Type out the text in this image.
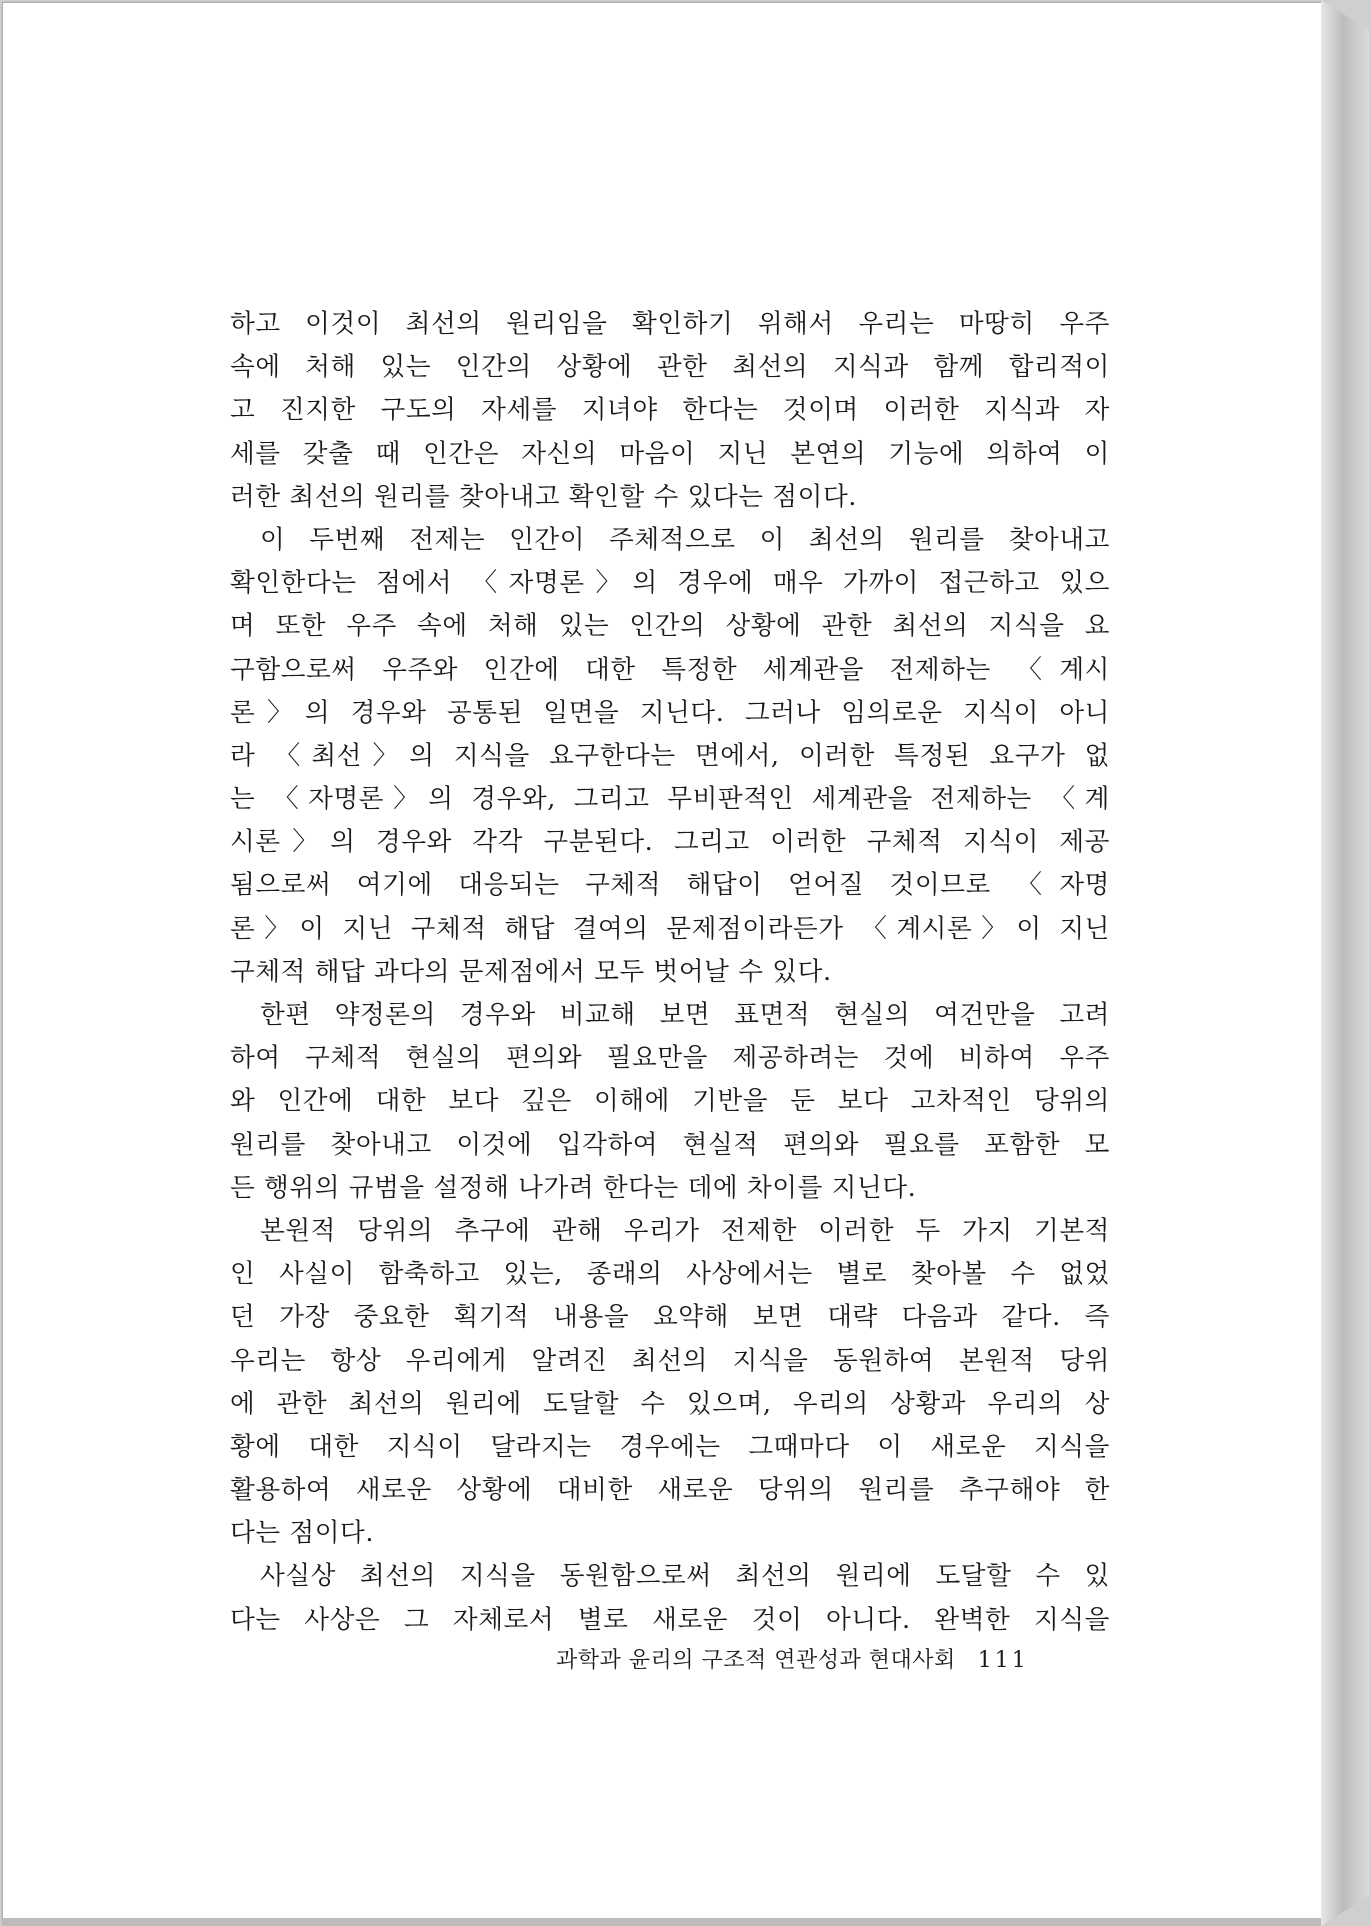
하고 이것이 최선의 원리임을 확인하기 위해서 우리는 마땅히 우주
속에 처해 있는 인간의 상황에 관한 최선의 지식과 함께 합리적이
고 진지한 구도의 자세를 지녀야 한다는 것이며 이러한 지식과 자
세를 갖출 때 인간은 자신의 마음이 지닌 본연의 기능에 의하여 이
러한 최선의 원리를 찾아내고 확인할 수 있다는 점이다.
이 두번째 전제는 인간이 주체적으로 이 최선의 원리를 찾아내고
확인한다는 점에서 〈자명론〉의 경우에 매우 가까이 접근하고 있으
며 또한 우주 속에 처해 있는 인간의 상황에 관한 최선의 지식을 요
구함으로써 우주와 인간에 대한 특정한 세계관을 전제하는 〈계시
론〉의 경우와 공통된 일면을 지닌다. 그러나 임의로운 지식이 아니
라 〈최선〉의 지식을 요구한다는 면에서, 이러한 특정된 요구가 없
는 〈자명론〉의 경우와, 그리고 무비판적인 세계관을 전제하는 〈계
시론〉의 경우와 각각 구분된다. 그리고 이러한 구체적 지식이 제공
됨으로써 여기에 대응되는 구체적 해답이 얻어질 것이므로 〈자명
론〉이 지닌 구체적 해답 결여의 문제점이라든가 〈계시론〉이 지닌
구체적 해답 과다의 문제점에서 모두 벗어날 수 있다.
한편 약정론의 경우와 비교해 보면 표면적 현실의 여건만을 고려
하여 구체적 현실의 편의와 필요만을 제공하려는 것에 비하여 우주
와 인간에 대한 보다 깊은 이해에 기반을 둔 보다 고차적인 당위의
원리를 찾아내고 이것에 입각하여 현실적 편의와 필요를 포함한 모
든 행위의 규범을 설정해 나가려 한다는 데에 차이를 지닌다.
본원적 당위의 추구에 관해 우리가 전제한 이러한 두 가지 기본적
인 사실이 함축하고 있는, 종래의 사상에서는 별로 찾아볼 수 없었
던 가장 중요한 획기적 내용을 요약해 보면 대략 다음과 같다. 즉
우리는 항상 우리에게 알려진 최선의 지식을 동원하여 본원적 당위
에 관한 최선의 원리에 도달할 수 있으며, 우리의 상황과 우리의 상
황에 대한 지식이 달라지는 경우에는 그때마다 이 새로운 지식을
활용하여 새로운 상황에 대비한 새로운 당위의 원리를 추구해야 한
다는 점이다.
사실상 최선의 지식을 동원함으로써 최선의 원리에 도달할 수 있
다는 사상은 그 자체로서 별로 새로운 것이 아니다. 완벽한 지식을
과학과 윤리의 구조적 연관성과 현대사회 111
